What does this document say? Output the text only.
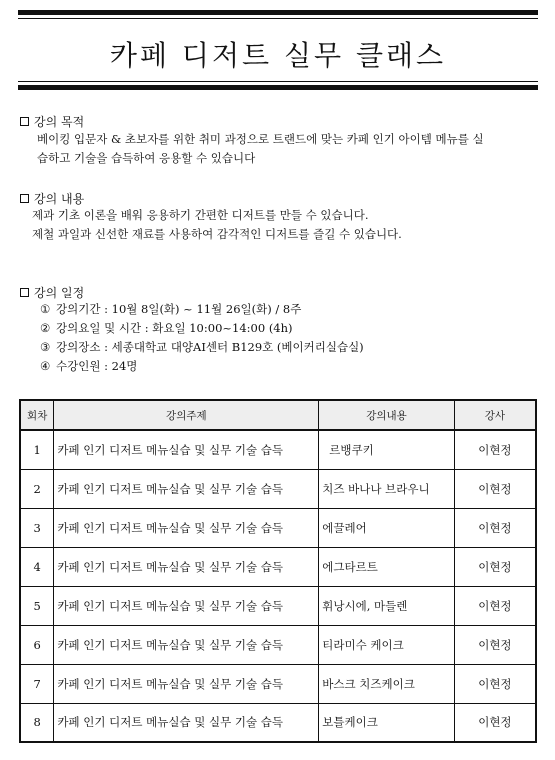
카페 디저트 실무 클래스
강의 목적
베이킹 입문자 & 초보자를 위한 취미 과정으로 트랜드에 맞는 카페 인기 아이템 메뉴를 실
습하고 기술을 습득하여 응용할 수 있습니다
강의 내용
제과 기초 이론을 배워 응용하기 간편한 디저트를 만들 수 있습니다.
제철 과일과 신선한 재료를 사용하여 감각적인 디저트를 즐길 수 있습니다.
강의 일정
① 강의기간 : 10월 8일(화) ~ 11월 26일(화) / 8주
② 강의요일 및 시간 : 화요일 10:00~14:00 (4h)
③ 강의장소 : 세종대학교 대양AI센터 B129호 (베이커리실습실)
④ 수강인원 : 24명
회차	강의주제	강의내용	강사
1	카페 인기 디저트 메뉴실습 및 실무 기술 습득	르뱅쿠키	이현정
2	카페 인기 디저트 메뉴실습 및 실무 기술 습득	치즈 바나나 브라우니	이현정
3	카페 인기 디저트 메뉴실습 및 실무 기술 습득	에끌레어	이현정
4	카페 인기 디저트 메뉴실습 및 실무 기술 습득	에그타르트	이현정
5	카페 인기 디저트 메뉴실습 및 실무 기술 습득	휘낭시에, 마들렌	이현정
6	카페 인기 디저트 메뉴실습 및 실무 기술 습득	티라미수 케이크	이현정
7	카페 인기 디저트 메뉴실습 및 실무 기술 습득	바스크 치즈케이크	이현정
8	카페 인기 디저트 메뉴실습 및 실무 기술 습득	보틀케이크	이현정
